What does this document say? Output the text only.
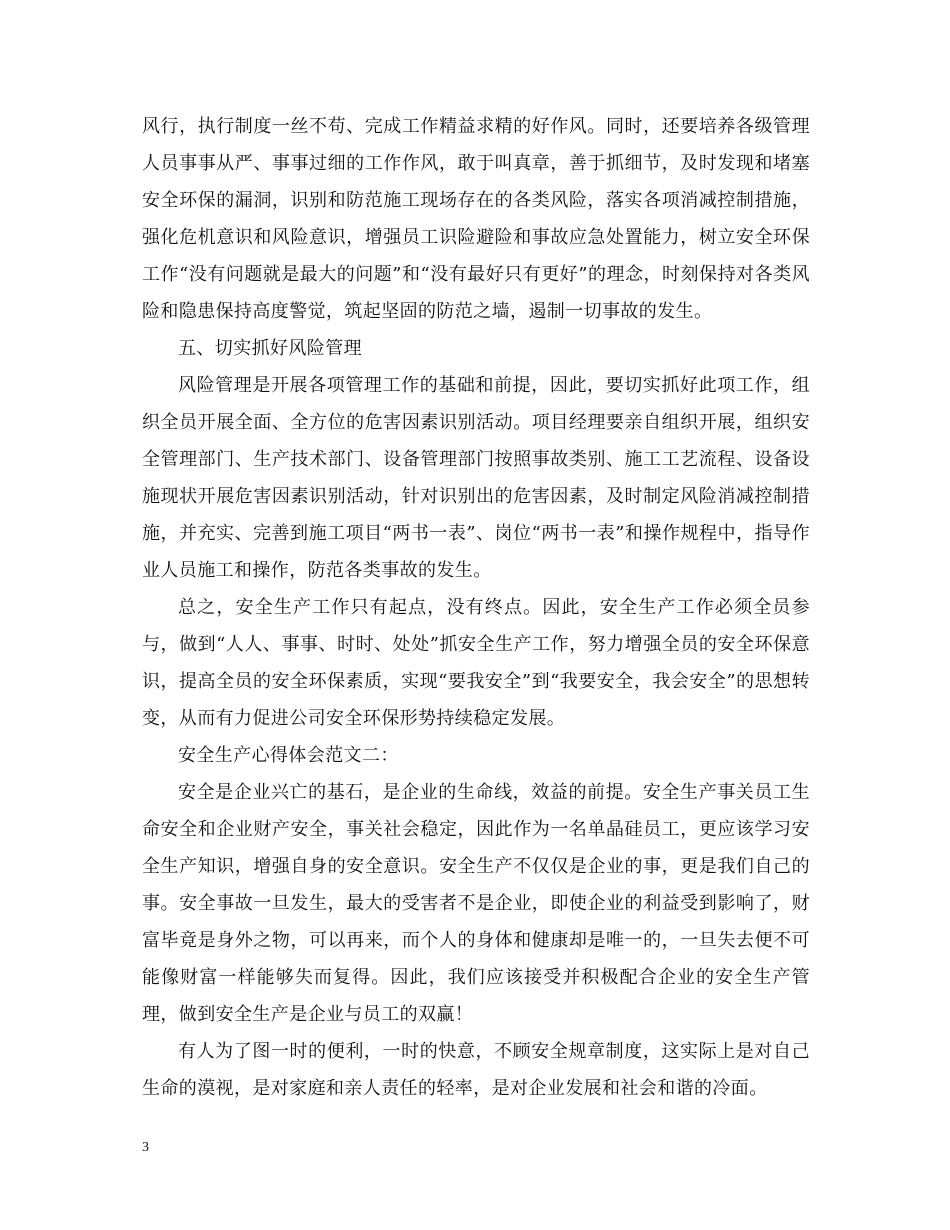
风行，执行制度一丝不苟、完成工作精益求精的好作风。同时，还要培养各级管理人员事事从严、事事过细的工作作风，敢于叫真章，善于抓细节，及时发现和堵塞安全环保的漏洞，识别和防范施工现场存在的各类风险，落实各项消减控制措施，强化危机意识和风险意识，增强员工识险避险和事故应急处置能力，树立安全环保工作“没有问题就是最大的问题”和“没有最好只有更好”的理念，时刻保持对各类风险和隐患保持高度警觉，筑起坚固的防范之墙，遏制一切事故的发生。

五、切实抓好风险管理

风险管理是开展各项管理工作的基础和前提，因此，要切实抓好此项工作，组织全员开展全面、全方位的危害因素识别活动。项目经理要亲自组织开展，组织安全管理部门、生产技术部门、设备管理部门按照事故类别、施工工艺流程、设备设施现状开展危害因素识别活动，针对识别出的危害因素，及时制定风险消减控制措施，并充实、完善到施工项目“两书一表”、岗位“两书一表”和操作规程中，指导作业人员施工和操作，防范各类事故的发生。

总之，安全生产工作只有起点，没有终点。因此，安全生产工作必须全员参与，做到“人人、事事、时时、处处”抓安全生产工作，努力增强全员的安全环保意识，提高全员的安全环保素质，实现“要我安全”到“我要安全，我会安全”的思想转变，从而有力促进公司安全环保形势持续稳定发展。

安全生产心得体会范文二：

安全是企业兴亡的基石，是企业的生命线，效益的前提。安全生产事关员工生命安全和企业财产安全，事关社会稳定，因此作为一名单晶硅员工，更应该学习安全生产知识，增强自身的安全意识。安全生产不仅仅是企业的事，更是我们自己的事。安全事故一旦发生，最大的受害者不是企业，即使企业的利益受到影响了，财富毕竟是身外之物，可以再来，而个人的身体和健康却是唯一的，一旦失去便不可能像财富一样能够失而复得。因此，我们应该接受并积极配合企业的安全生产管理，做到安全生产是企业与员工的双赢！

有人为了图一时的便利，一时的快意，不顾安全规章制度，这实际上是对自己生命的漠视，是对家庭和亲人责任的轻率，是对企业发展和社会和谐的冷面。

3
